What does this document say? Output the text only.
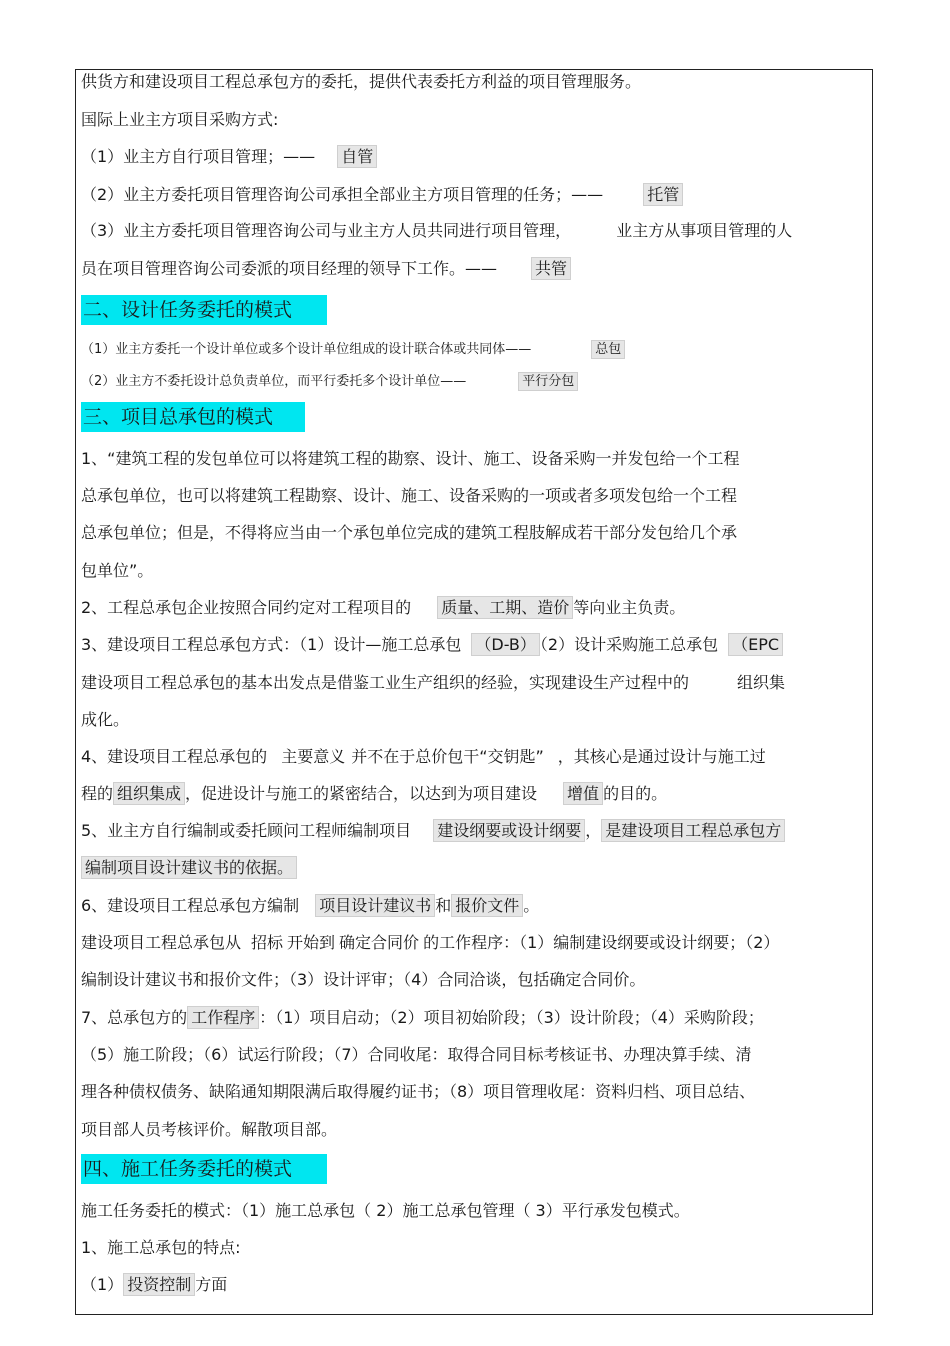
供货方和建设项目工程总承包方的委托，提供代表委托方利益的项目管理服务。
国际上业主方项目采购方式:
（1）业主方自行项目管理；—— 自管
（2）业主方委托项目管理咨询公司承担全部业主方项目管理的任务；——	托管
（3）业主方委托项目管理咨询公司与业主方人员共同进行项目管理，	业主方从事项目管理的人
员在项目管理咨询公司委派的项目经理的领导下工作。—— 共管
二、设计任务委托的模式
（1）业主方委托一个设计单位或多个设计单位组成的设计联合体或共同体——	总包
（2）业主方不委托设计总负责单位，而平行委托多个设计单位——	平行分包
三、项目总承包的模式
1、“建筑工程的发包单位可以将建筑工程的勘察、设计、施工、设备采购一并发包给一个工程
总承包单位，也可以将建筑工程勘察、设计、施工、设备采购的一项或者多项发包给一个工程
总承包单位；但是，不得将应当由一个承包单位完成的建筑工程肢解成若干部分发包给几个承
包单位”。
2、工程总承包企业按照合同约定对工程项目的 质量、工期、造价 等向业主负责。
3、建设项目工程总承包方式：（1）设计—施工总承包 （D-B） （2）设计采购施工总承包 （EPC
建设项目工程总承包的基本出发点是借鉴工业生产组织的经验，实现建设生产过程中的	组织集
成化。
4、建设项目工程总承包的 主要意义 并不在于总价包干“交钥匙” ，其核心是通过设计与施工过
程的 组织集成 ，促进设计与施工的紧密结合，以达到为项目建设 增值 的目的。
5、业主方自行编制或委托顾问工程师编制项目 建设纲要或设计纲要 ， 是建设项目工程总承包方
编制项目设计建议书的依据。
6、建设项目工程总承包方编制 项目设计建议书 和 报价文件 。
建设项目工程总承包从 招标 开始到 确定合同价 的工作程序：（1）编制建设纲要或设计纲要；（2）
编制设计建议书和报价文件；（3）设计评审；（4）合同洽谈，包括确定合同价。
7、总承包方的 工作程序 ：（1）项目启动；（2）项目初始阶段；（3）设计阶段；（4）采购阶段；
（5）施工阶段；（6）试运行阶段；（7）合同收尾：取得合同目标考核证书、办理决算手续、清
理各种债权债务、缺陷通知期限满后取得履约证书；（8）项目管理收尾：资料归档、项目总结、
项目部人员考核评价。解散项目部。
四、施工任务委托的模式
施工任务委托的模式：（1）施工总承包（ 2）施工总承包管理（ 3）平行承发包模式。
1、施工总承包的特点:
（1） 投资控制 方面
